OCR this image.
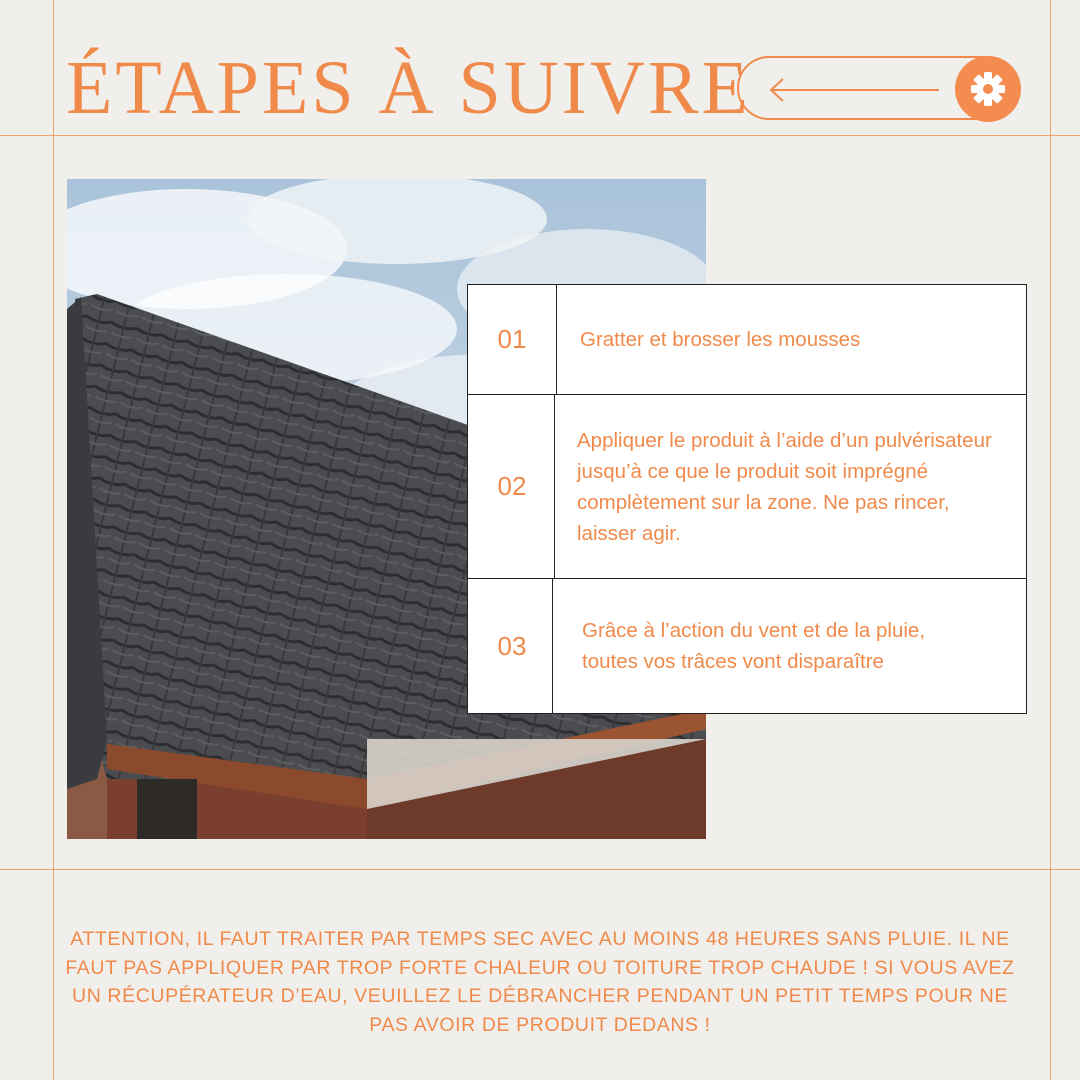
ÉTAPES À SUIVRE
01	Gratter et brosser les mousses
02
Appliquer le produit à l’aide d’un pulvérisateur jusqu’à ce que le produit soit imprégné complètement sur la zone. Ne pas rincer, laisser agir.
03	Grâce à l’action du vent et de la pluie, toutes vos trâces vont disparaître
ATTENTION, IL FAUT TRAITER PAR TEMPS SEC AVEC AU MOINS 48 HEURES SANS PLUIE. IL NE FAUT PAS APPLIQUER PAR TROP FORTE CHALEUR OU TOITURE TROP CHAUDE ! SI VOUS AVEZ UN RÉCUPÉRATEUR D’EAU, VEUILLEZ LE DÉBRANCHER PENDANT UN PETIT TEMPS POUR NE PAS AVOIR DE PRODUIT DEDANS !
